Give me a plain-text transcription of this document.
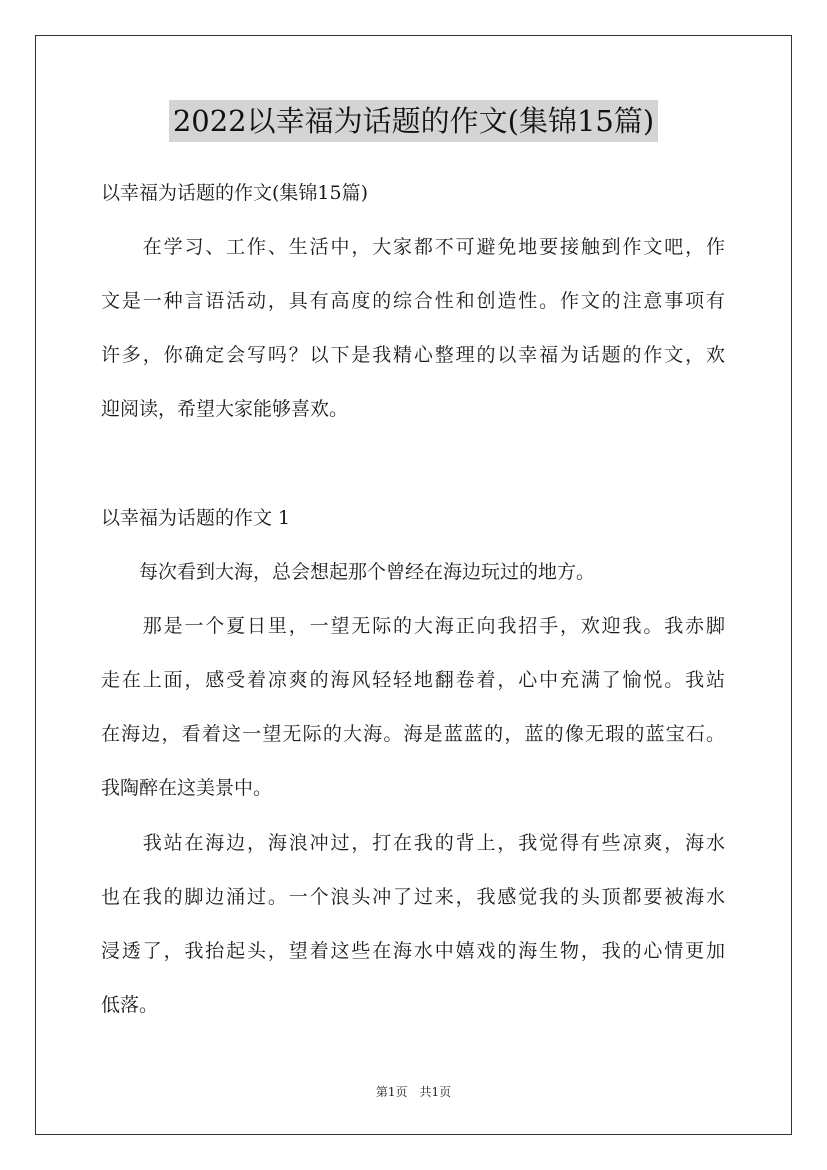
2022以幸福为话题的作文(集锦15篇)
以幸福为话题的作文(集锦15篇)
　　在学习、工作、生活中，大家都不可避免地要接触到作文吧，作
文是一种言语活动，具有高度的综合性和创造性。作文的注意事项有
许多，你确定会写吗？以下是我精心整理的以幸福为话题的作文，欢
迎阅读，希望大家能够喜欢。
以幸福为话题的作文 1
　　每次看到大海，总会想起那个曾经在海边玩过的地方。
　　那是一个夏日里，一望无际的大海正向我招手，欢迎我。我赤脚
走在上面，感受着凉爽的海风轻轻地翻卷着，心中充满了愉悦。我站
在海边，看着这一望无际的大海。海是蓝蓝的，蓝的像无瑕的蓝宝石。
我陶醉在这美景中。
　　我站在海边，海浪冲过，打在我的背上，我觉得有些凉爽，海水
也在我的脚边涌过。一个浪头冲了过来，我感觉我的头顶都要被海水
浸透了，我抬起头，望着这些在海水中嬉戏的海生物，我的心情更加
低落。
第1页　共1页
